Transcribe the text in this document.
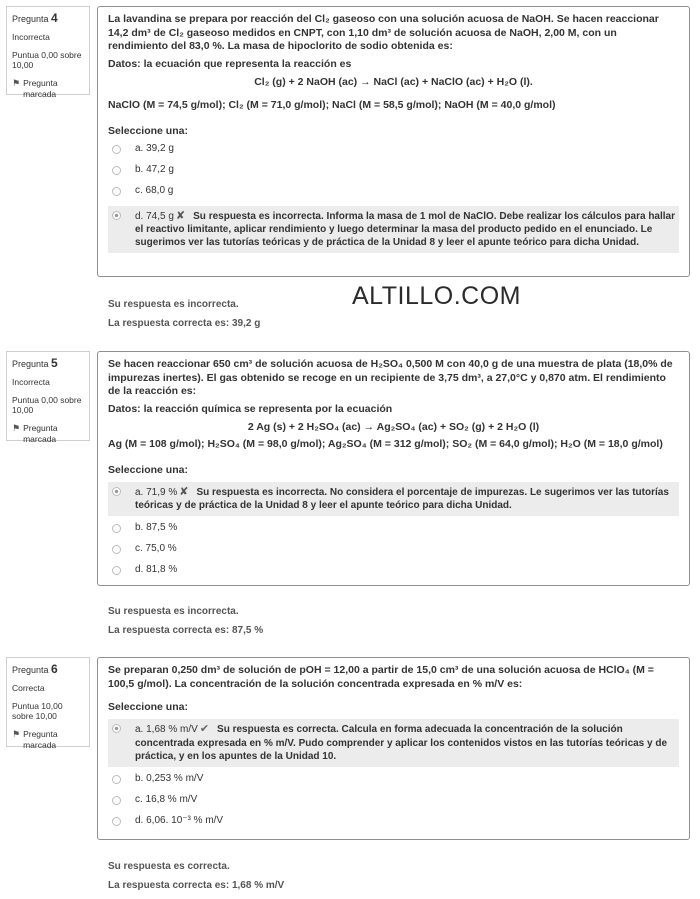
Pregunta 4
Incorrecta
Puntua 0,00 sobre 10,00
⚑ Pregunta marcada

La lavandina se prepara por reacción del Cl₂ gaseoso con una solución acuosa de NaOH. Se hacen reaccionar 14,2 dm³ de Cl₂ gaseoso medidos en CNPT, con 1,10 dm³ de solución acuosa de NaOH, 2,00 M, con un rendimiento del 83,0 %. La masa de hipoclorito de sodio obtenida es:

Datos: la ecuación que representa la reacción es

Cl₂ (g) + 2 NaOH (ac) → NaCl (ac) + NaClO (ac) + H₂O (l).

NaClO (M = 74,5 g/mol); Cl₂ (M = 71,0 g/mol); NaCl (M = 58,5 g/mol); NaOH (M = 40,0 g/mol)

Seleccione una:
a. 39,2 g
b. 47,2 g
c. 68,0 g
d. 74,5 g ✘ Su respuesta es incorrecta. Informa la masa de 1 mol de NaClO. Debe realizar los cálculos para hallar el reactivo limitante, aplicar rendimiento y luego determinar la masa del producto pedido en el enunciado. Le sugerimos ver las tutorías teóricas y de práctica de la Unidad 8 y leer el apunte teórico para dicha Unidad.
Su respuesta es incorrecta.
La respuesta correcta es: 39,2 g
ALTILLO.COM
Pregunta 5
Incorrecta
Puntua 0,00 sobre 10,00
⚑ Pregunta marcada

Se hacen reaccionar 650 cm³ de solución acuosa de H₂SO₄ 0,500 M con 40,0 g de una muestra de plata (18,0% de impurezas inertes). El gas obtenido se recoge en un recipiente de 3,75 dm³, a 27,0°C y 0,870 atm. El rendimiento de la reacción es:

Datos: la reacción química se representa por la ecuación

2 Ag (s) + 2 H₂SO₄ (ac) → Ag₂SO₄ (ac) + SO₂ (g) + 2 H₂O (l)

Ag (M = 108 g/mol); H₂SO₄ (M = 98,0 g/mol); Ag₂SO₄ (M = 312 g/mol); SO₂ (M = 64,0 g/mol); H₂O (M = 18,0 g/mol)

Seleccione una:
a. 71,9 % ✘ Su respuesta es incorrecta. No considera el porcentaje de impurezas. Le sugerimos ver las tutorías teóricas y de práctica de la Unidad 8 y leer el apunte teórico para dicha Unidad.
b. 87,5 %
c. 75,0 %
d. 81,8 %
Su respuesta es incorrecta.
La respuesta correcta es: 87,5 %
Pregunta 6
Correcta
Puntua 10,00 sobre 10,00
⚑ Pregunta marcada

Se preparan 0,250 dm³ de solución de pOH = 12,00 a partir de 15,0 cm³ de una solución acuosa de HClO₄ (M = 100,5 g/mol). La concentración de la solución concentrada expresada en % m/V es:

Seleccione una:
a. 1,68 % m/V ✔ Su respuesta es correcta. Calcula en forma adecuada la concentración de la solución concentrada expresada en % m/V. Pudo comprender y aplicar los contenidos vistos en las tutorías teóricas y de práctica, y en los apuntes de la Unidad 10.
b. 0,253 % m/V
c. 16,8 % m/V
d. 6,06. 10⁻³ % m/V
Su respuesta es correcta.
La respuesta correcta es: 1,68 % m/V
